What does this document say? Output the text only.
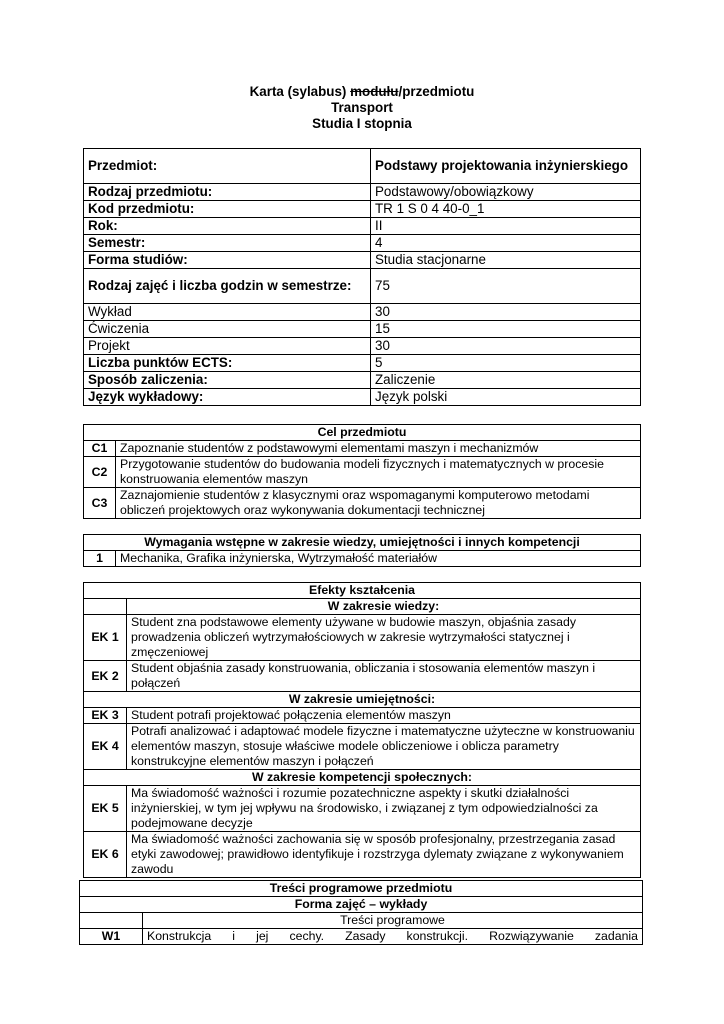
Karta (sylabus) modułu/przedmiotu
Transport
Studia I stopnia
Przedmiot:	Podstawy projektowania inżynierskiego
Rodzaj przedmiotu:	Podstawowy/obowiązkowy
Kod przedmiotu:	TR 1 S 0 4 40-0_1
Rok:	II
Semestr:	4
Forma studiów:	Studia stacjonarne
Rodzaj zajęć i liczba godzin w semestrze:	75
Wykład	30
Ćwiczenia	15
Projekt	30
Liczba punktów ECTS:	5
Sposób zaliczenia:	Zaliczenie
Język wykładowy:	Język polski
Cel przedmiotu	
C1	Zapoznanie studentów z podstawowymi elementami maszyn i mechanizmów
C2	Przygotowanie studentów do budowania modeli fizycznych i matematycznych w procesie konstruowania elementów maszyn
C3	Zaznajomienie studentów z klasycznymi oraz wspomaganymi komputerowo metodami obliczeń projektowych oraz wykonywania dokumentacji technicznej
Wymagania wstępne w zakresie wiedzy, umiejętności i innych kompetencji
1	Mechanika, Grafika inżynierska, Wytrzymałość materiałów
Efekty kształcenia	
	W zakresie wiedzy:
EK 1	Student zna podstawowe elementy używane w budowie maszyn, objaśnia zasady prowadzenia obliczeń wytrzymałościowych w zakresie wytrzymałości statycznej i zmęczeniowej
EK 2	Student objaśnia zasady konstruowania, obliczania i stosowania elementów maszyn i połączeń
W zakresie umiejętności:	
EK 3	Student potrafi projektować połączenia elementów maszyn
EK 4	Potrafi analizować i adaptować modele fizyczne i matematyczne użyteczne w konstruowaniu elementów maszyn, stosuje właściwe modele obliczeniowe i oblicza parametry konstrukcyjne elementów maszyn i połączeń
W zakresie kompetencji społecznych:	
EK 5	Ma świadomość ważności i rozumie pozatechniczne aspekty i skutki działalności inżynierskiej, w tym jej wpływu na środowisko, i związanej z tym odpowiedzialności za podejmowane decyzje
EK 6	Ma świadomość ważności zachowania się w sposób profesjonalny, przestrzegania zasad etyki zawodowej; prawidłowo identyfikuje i rozstrzyga dylematy związane z wykonywaniem zawodu
Treści programowe przedmiotu	
Forma zajęć – wykłady	
	Treści programowe
W1	Konstrukcja i jej cechy. Zasady konstrukcji. Rozwiązywanie zadania
